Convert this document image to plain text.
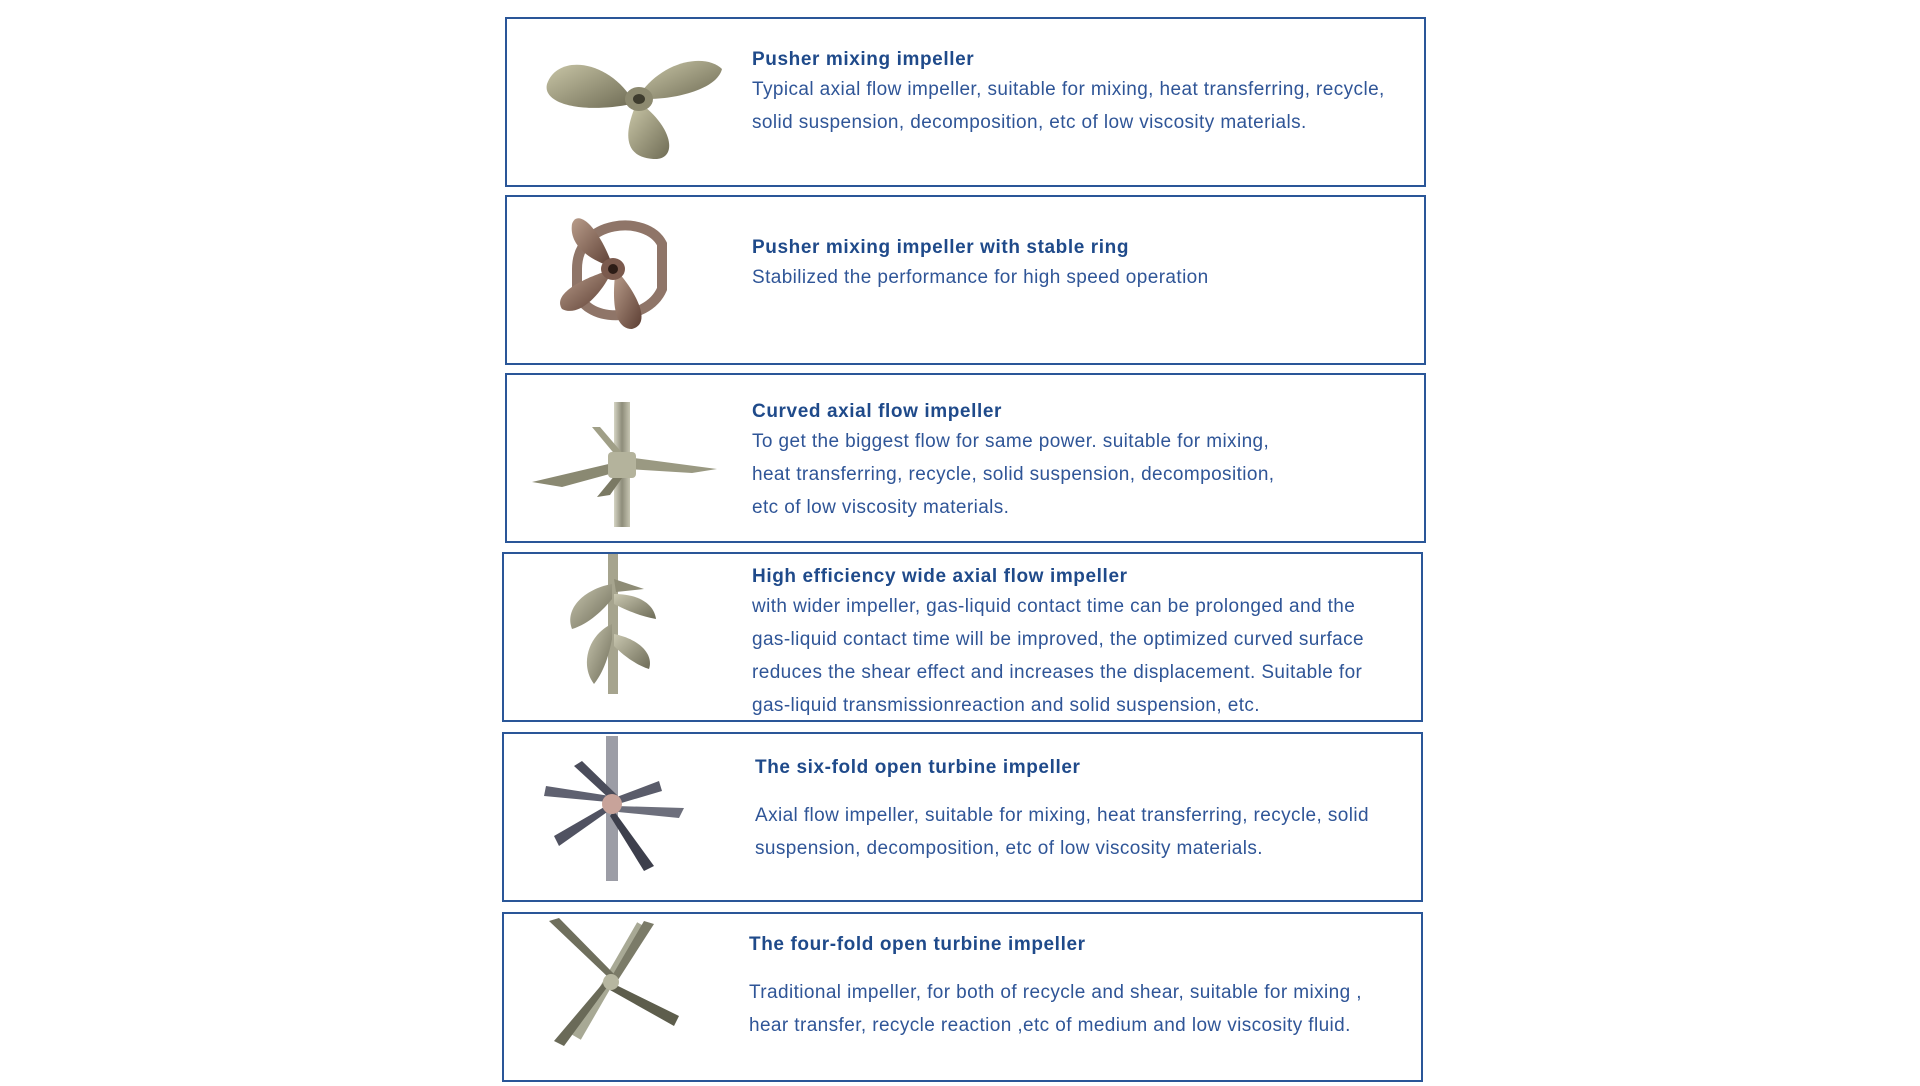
Pusher mixing impeller

Typical axial flow impeller, suitable for mixing, heat transferring, recycle,
solid suspension, decomposition, etc of low viscosity materials.

Pusher mixing impeller with stable ring

Stabilized the performance for high speed operation

Curved axial flow impeller

To get the biggest flow for same power. suitable for mixing,
heat transferring, recycle, solid suspension, decomposition,
etc of low viscosity materials.

High efficiency wide axial flow impeller

with wider impeller, gas-liquid contact time can be prolonged and the
gas-liquid contact time will be improved, the optimized curved surface
reduces the shear effect and increases the displacement. Suitable for
gas-liquid transmissionreaction and solid suspension, etc.

The six-fold open turbine impeller

Axial flow impeller, suitable for mixing, heat transferring, recycle, solid
suspension, decomposition, etc of low viscosity materials.

The four-fold open turbine impeller

Traditional impeller, for both of recycle and shear, suitable for mixing ,
hear transfer, recycle reaction ,etc of medium and low viscosity fluid.
